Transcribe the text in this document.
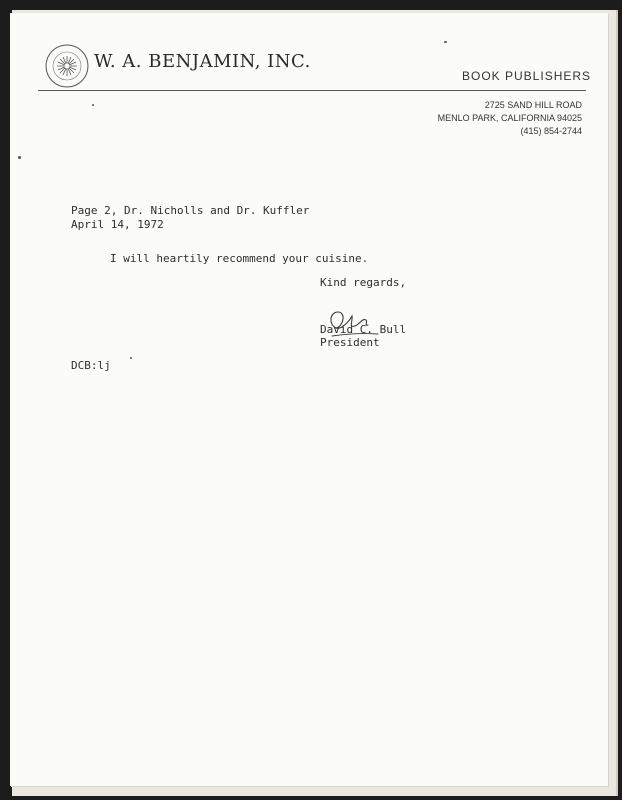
W. A. BENJAMIN, INC.
BOOK PUBLISHERS
2725 SAND HILL ROAD
MENLO PARK, CALIFORNIA 94025
(415) 854-2744
Page 2, Dr. Nicholls and Dr. Kuffler
April 14, 1972
I will heartily recommend your cuisine.
Kind regards,
David C. Bull
President
DCB:lj
